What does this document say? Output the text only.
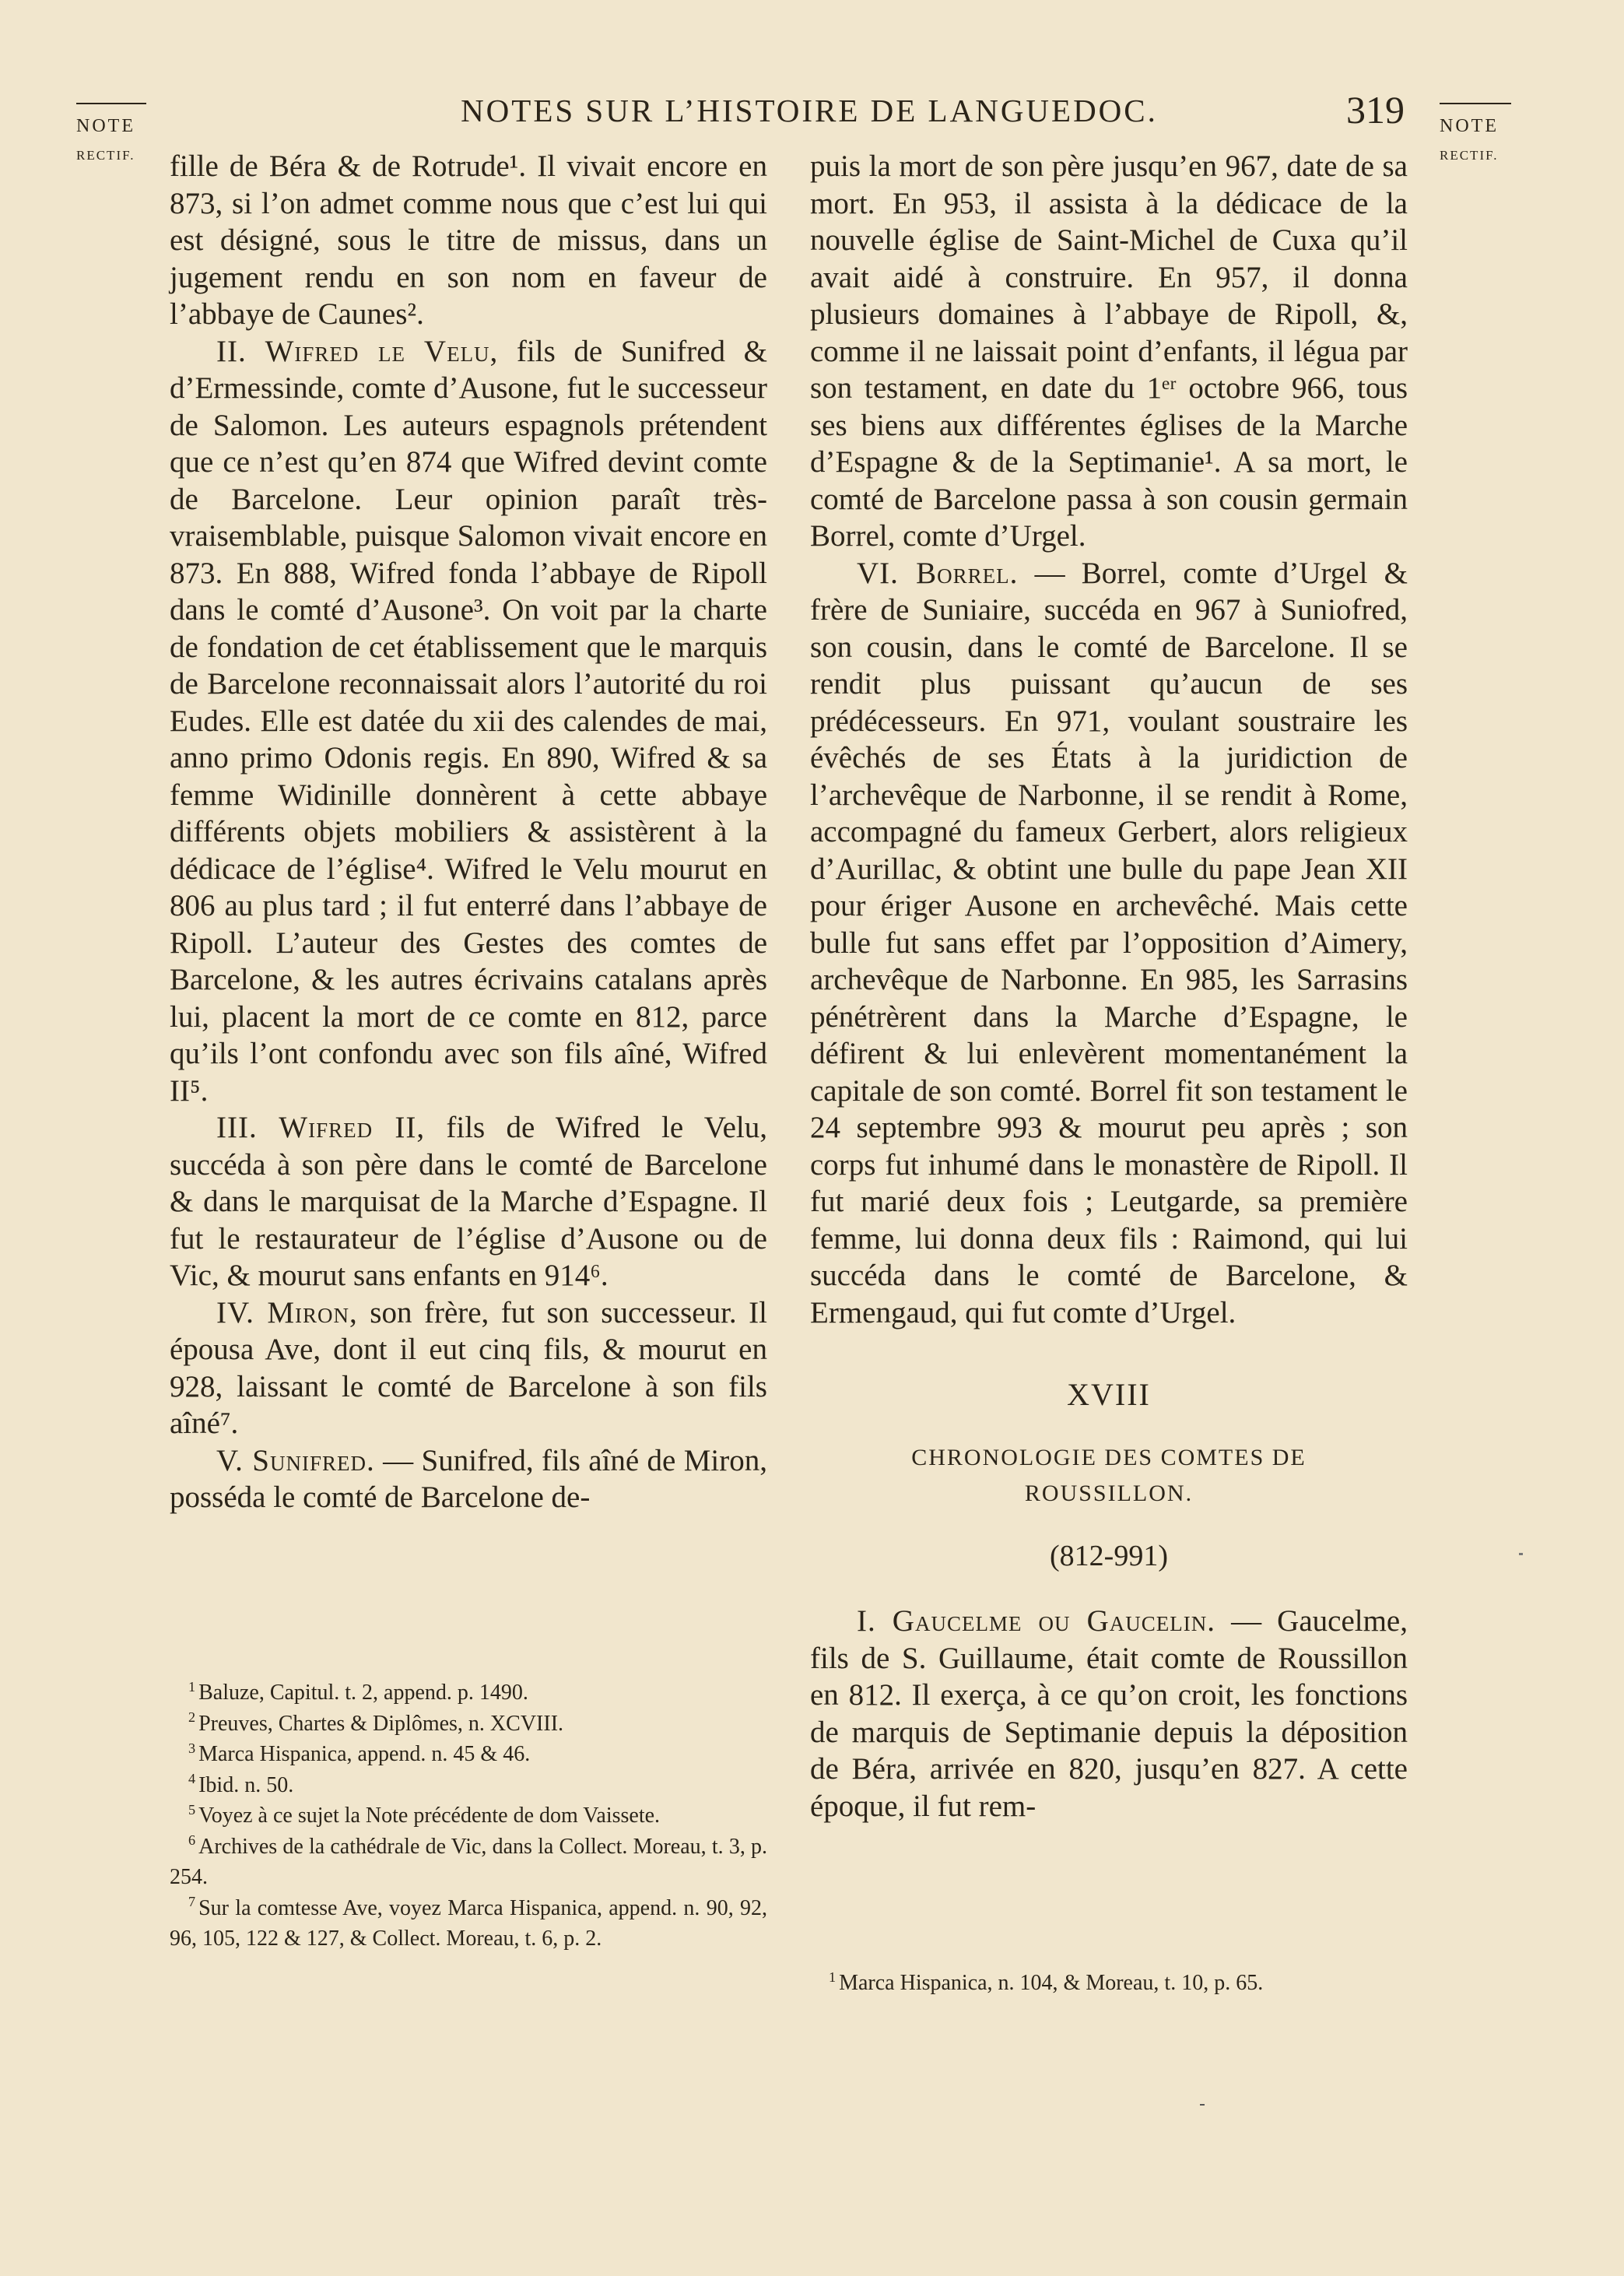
NOTE
RECTIF.
NOTES SUR L’HISTOIRE DE LANGUEDOC.	319 NOTE
RECTIF.

fille de Béra & de Rotrude¹. Il vivait encore en 873, si l’on admet comme nous que c’est lui qui est désigné, sous le titre de missus, dans un jugement rendu en son nom en faveur de l’abbaye de Caunes².

II. Wifred le Velu, fils de Sunifred & d’Ermessinde, comte d’Ausone, fut le successeur de Salomon. Les auteurs espagnols prétendent que ce n’est qu’en 874 que Wifred devint comte de Barcelone. Leur opinion paraît très-vraisemblable, puisque Salomon vivait encore en 873. En 888, Wifred fonda l’abbaye de Ripoll dans le comté d’Ausone³. On voit par la charte de fondation de cet établissement que le marquis de Barcelone reconnaissait alors l’autorité du roi Eudes. Elle est datée du xii des calendes de mai, anno primo Odonis regis. En 890, Wifred & sa femme Widinille donnèrent à cette abbaye différents objets mobiliers & assistèrent à la dédicace de l’église⁴. Wifred le Velu mourut en 806 au plus tard ; il fut enterré dans l’abbaye de Ripoll. L’auteur des Gestes des comtes de Barcelone, & les autres écrivains catalans après lui, placent la mort de ce comte en 812, parce qu’ils l’ont confondu avec son fils aîné, Wifred II⁵.

III. Wifred II, fils de Wifred le Velu, succéda à son père dans le comté de Barcelone & dans le marquisat de la Marche d’Espagne. Il fut le restaurateur de l’église d’Ausone ou de Vic, & mourut sans enfants en 914⁶.

IV. Miron, son frère, fut son successeur. Il épousa Ave, dont il eut cinq fils, & mourut en 928, laissant le comté de Barcelone à son fils aîné⁷.

V. Sunifred. — Sunifred, fils aîné de Miron, posséda le comté de Barcelone de-

puis la mort de son père jusqu’en 967, date de sa mort. En 953, il assista à la dédicace de la nouvelle église de Saint-Michel de Cuxa qu’il avait aidé à construire. En 957, il donna plusieurs domaines à l’abbaye de Ripoll, &, comme il ne laissait point d’enfants, il légua par son testament, en date du 1ᵉʳ octobre 966, tous ses biens aux différentes églises de la Marche d’Espagne & de la Septimanie¹. A sa mort, le comté de Barcelone passa à son cousin germain Borrel, comte d’Urgel.

VI. Borrel. — Borrel, comte d’Urgel & frère de Suniaire, succéda en 967 à Suniofred, son cousin, dans le comté de Barcelone. Il se rendit plus puissant qu’aucun de ses prédécesseurs. En 971, voulant soustraire les évêchés de ses États à la juridiction de l’archevêque de Narbonne, il se rendit à Rome, accompagné du fameux Gerbert, alors religieux d’Aurillac, & obtint une bulle du pape Jean XII pour ériger Ausone en archevêché. Mais cette bulle fut sans effet par l’opposition d’Aimery, archevêque de Narbonne. En 985, les Sarrasins pénétrèrent dans la Marche d’Espagne, le défirent & lui enlevèrent momentanément la capitale de son comté. Borrel fit son testament le 24 septembre 993 & mourut peu après ; son corps fut inhumé dans le monastère de Ripoll. Il fut marié deux fois ; Leutgarde, sa première femme, lui donna deux fils : Raimond, qui lui succéda dans le comté de Barcelone, & Ermengaud, qui fut comte d’Urgel.

XVIII
CHRONOLOGIE DES COMTES DE
ROUSSILLON.
(812-991)

I. Gaucelme ou Gaucelin. — Gaucelme, fils de S. Guillaume, était comte de Roussillon en 812. Il exerça, à ce qu’on croit, les fonctions de marquis de Septimanie depuis la déposition de Béra, arrivée en 820, jusqu’en 827. A cette époque, il fut rem-

$^1$ Baluze, Capitul. t. 2, append. p. 1490.

$^2$ Preuves, Chartes & Diplômes, n. XCVIII.

$^3$ Marca Hispanica, append. n. 45 & 46.

$^4$ Ibid. n. 50.

$^5$ Voyez à ce sujet la Note précédente de dom Vaissete.

$^6$ Archives de la cathédrale de Vic, dans la Collect. Moreau, t. 3, p. 254.

$^7$ Sur la comtesse Ave, voyez Marca Hispanica, append. n. 90, 92, 96, 105, 122 & 127, & Collect. Moreau, t. 6, p. 2.

$^1$ Marca Hispanica, n. 104, & Moreau, t. 10, p. 65.
